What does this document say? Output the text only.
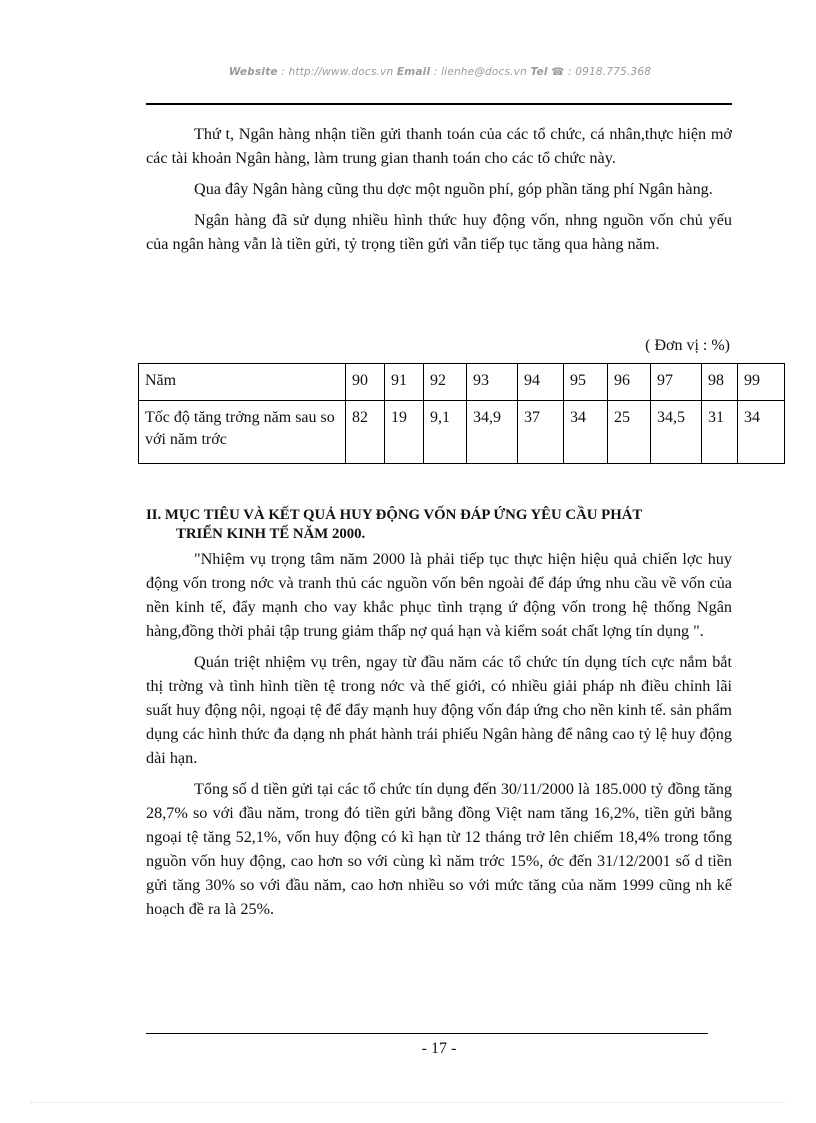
Website : http://www.docs.vn Email : lienhe@docs.vn Tel ☎ : 0918.775.368

Thứ t, Ngân hàng nhận tiền gửi thanh toán của các tổ chức, cá nhân,thực hiện mở các tài khoản Ngân hàng, làm trung gian thanh toán cho các tổ chức này.

Qua đây Ngân hàng cũng thu dợc một nguồn phí, góp phần tăng phí Ngân hàng.

Ngân hàng đã sử dụng nhiều hình thức huy động vốn, nhng nguồn vốn chủ yếu của ngân hàng vẫn là tiền gửi, tỷ trọng tiền gửi vẫn tiếp tục tăng qua hàng năm.

( Đơn vị : %)
Năm	90	91	92	93	94	95	96	97	98	99
Tốc độ tăng trởng năm sau so với năm trớc	82	19	9,1	34,9	37	34	25	34,5	31	34
II. MỤC TIÊU VÀ KẾT QUẢ HUY ĐỘNG VỐN ĐÁP ỨNG YÊU CẦU PHÁT
TRIỂN KINH TẾ NĂM 2000.

"Nhiệm vụ trọng tâm năm 2000 là phải tiếp tục thực hiện hiệu quả chiến lợc huy động vốn trong nớc và tranh thủ các nguồn vốn bên ngoài để đáp ứng nhu cầu về vốn của nền kinh tế, đẩy mạnh cho vay khắc phục tình trạng ứ động vốn trong hệ thống Ngân hàng,đồng thời phải tập trung giảm thấp nợ quá hạn và kiểm soát chất lợng tín dụng ".

Quán triệt nhiệm vụ trên, ngay từ đầu năm các tổ chức tín dụng tích cực nắm bắt thị trờng và tình hình tiền tệ trong nớc và thế giới, có nhiều giải pháp nh điều chỉnh lãi suất huy động nội, ngoại tệ để đẩy mạnh huy động vốn đáp ứng cho nền kinh tế. sản phẩm dụng các hình thức đa dạng nh phát hành trái phiếu Ngân hàng để nâng cao tỷ lệ huy động dài hạn.

Tổng số d tiền gửi tại các tổ chức tín dụng đến 30/11/2000 là 185.000 tỷ đồng tăng 28,7% so với đầu năm, trong đó tiền gửi bằng đồng Việt nam tăng 16,2%, tiền gửi bằng ngoại tệ tăng 52,1%, vốn huy động có kì hạn từ 12 tháng trở lên chiếm 18,4% trong tổng nguồn vốn huy động, cao hơn so với cùng kì năm trớc 15%, ớc đến 31/12/2001 số d tiền gửi tăng 30% so với đầu năm, cao hơn nhiều so với mức tăng của năm 1999 cũng nh kế hoạch đề ra là 25%.

- 17 -
